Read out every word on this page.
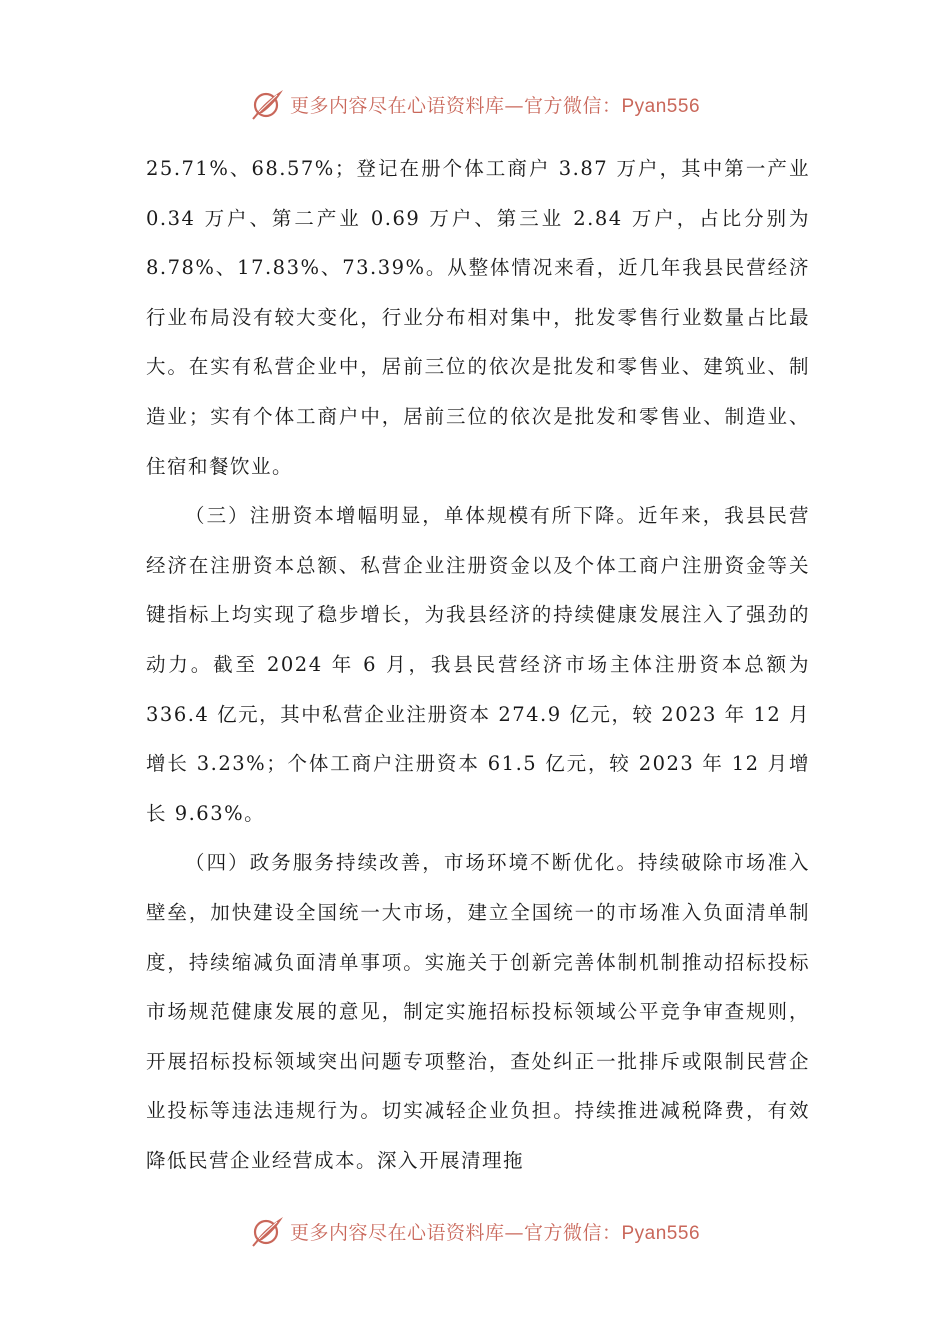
更多内容尽在心语资料库—官方微信：Pyan556

25.71%、68.57%；登记在册个体工商户 3.87 万户，其中第一产业 0.34 万户、第二产业 0.69 万户、第三业 2.84 万户，占比分别为 8.78%、17.83%、73.39%。从整体情况来看，近几年我县民营经济行业布局没有较大变化，行业分布相对集中，批发零售行业数量占比最大。在实有私营企业中，居前三位的依次是批发和零售业、建筑业、制造业；实有个体工商户中，居前三位的依次是批发和零售业、制造业、住宿和餐饮业。

（三）注册资本增幅明显，单体规模有所下降。近年来，我县民营经济在注册资本总额、私营企业注册资金以及个体工商户注册资金等关键指标上均实现了稳步增长，为我县经济的持续健康发展注入了强劲的动力。截至 2024 年 6 月，我县民营经济市场主体注册资本总额为 336.4 亿元，其中私营企业注册资本 274.9 亿元，较 2023 年 12 月增长 3.23%；个体工商户注册资本 61.5 亿元，较 2023 年 12 月增长 9.63%。

（四）政务服务持续改善，市场环境不断优化。持续破除市场准入壁垒，加快建设全国统一大市场，建立全国统一的市场准入负面清单制度，持续缩减负面清单事项。实施关于创新完善体制机制推动招标投标市场规范健康发展的意见，制定实施招标投标领域公平竞争审查规则，开展招标投标领域突出问题专项整治，查处纠正一批排斥或限制民营企业投标等违法违规行为。切实减轻企业负担。持续推进减税降费，有效降低民营企业经营成本。深入开展清理拖

更多内容尽在心语资料库—官方微信：Pyan556
